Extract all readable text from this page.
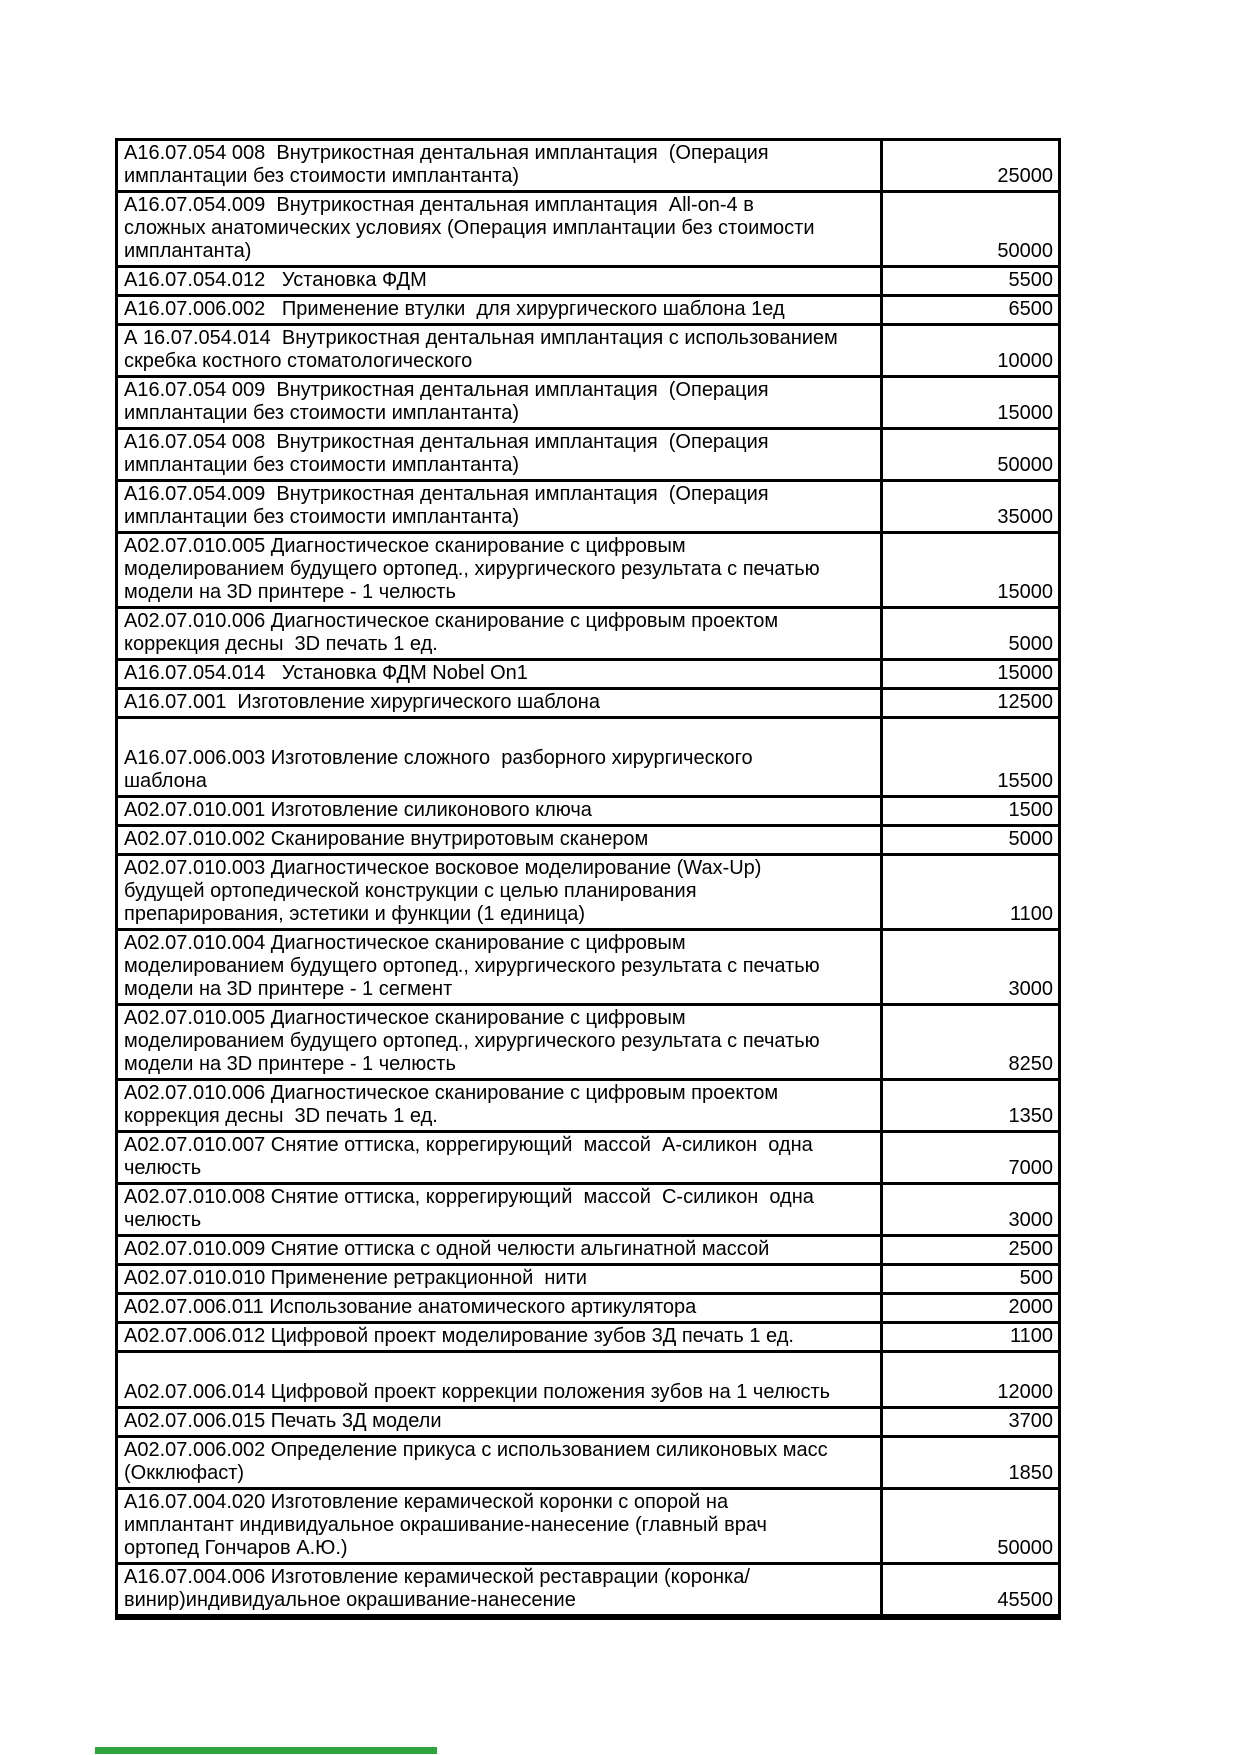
А16.07.054 008  Внутрикостная дентальная имплантация  (Операция имплантации без стоимости имплантанта)	25000
А16.07.054.009  Внутрикостная дентальная имплантация  All-on-4 в сложных анатомических условиях (Операция имплантации без стоимости имплантанта)	50000
А16.07.054.012   Установка ФДМ	5500
А16.07.006.002   Применение втулки  для хирургического шаблона 1ед	6500
А 16.07.054.014  Внутрикостная дентальная имплантация с использованием скребка костного стоматологического	10000
А16.07.054 009  Внутрикостная дентальная имплантация  (Операция имплантации без стоимости имплантанта)	15000
А16.07.054 008  Внутрикостная дентальная имплантация  (Операция имплантации без стоимости имплантанта)	50000
А16.07.054.009  Внутрикостная дентальная имплантация  (Операция имплантации без стоимости имплантанта)	35000
А02.07.010.005 Диагностическое сканирование с цифровым моделированием будущего ортопед., хирургического результата с печатью модели на 3D принтере - 1 челюсть	15000
А02.07.010.006 Диагностическое сканирование с цифровым проектом коррекция десны  3D печать 1 ед.	5000
А16.07.054.014   Установка ФДМ Nobel On1	15000
А16.07.001  Изготовление хирургического шаблона	12500
А16.07.006.003 Изготовление сложного  разборного хирургического шаблона	15500
А02.07.010.001 Изготовление силиконового ключа	1500
А02.07.010.002 Сканирование внутриротовым сканером	5000
А02.07.010.003 Диагностическое восковое моделирование (Wax-Up) будущей ортопедической конструкции с целью планирования препарирования, эстетики и функции (1 единица)	1100
А02.07.010.004 Диагностическое сканирование с цифровым моделированием будущего ортопед., хирургического результата с печатью модели на 3D принтере - 1 сегмент	3000
А02.07.010.005 Диагностическое сканирование с цифровым моделированием будущего ортопед., хирургического результата с печатью модели на 3D принтере - 1 челюсть	8250
А02.07.010.006 Диагностическое сканирование с цифровым проектом коррекция десны  3D печать 1 ед.	1350
А02.07.010.007 Снятие оттиска, коррегирующий  массой  А-силикон  одна челюсть	7000
А02.07.010.008 Снятие оттиска, коррегирующий  массой  С-силикон  одна челюсть	3000
А02.07.010.009 Снятие оттиска с одной челюсти альгинатной массой	2500
А02.07.010.010 Применение ретракционной  нити	500
А02.07.006.011 Использование анатомического артикулятора	2000
А02.07.006.012 Цифровой проект моделирование зубов 3Д печать 1 ед.	1100
А02.07.006.014 Цифровой проект коррекции положения зубов на 1 челюсть	12000
А02.07.006.015 Печать 3Д модели	3700
А02.07.006.002 Определение прикуса с использованием силиконовых масс (Окклюфаст)	1850
А16.07.004.020 Изготовление керамической коронки с опорой на имплантант индивидуальное окрашивание-нанесение (главный врач ортопед Гончаров А.Ю.)	50000
А16.07.004.006 Изготовление керамической реставрации (коронка/винир)индивидуальное окрашивание-нанесение	45500
